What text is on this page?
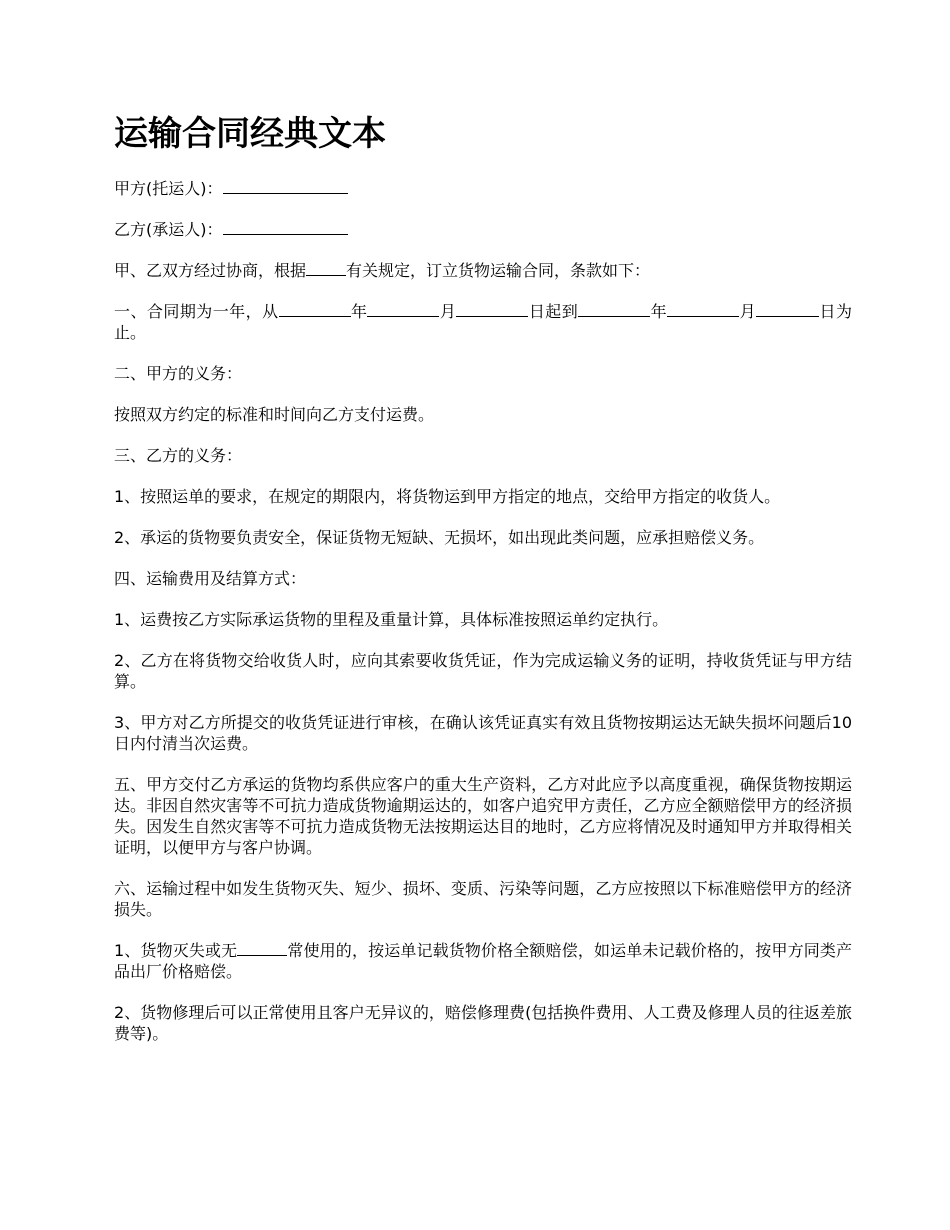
运输合同经典文本

甲方(托运人)：

乙方(承运人)：

甲、乙双方经过协商，根据	有关规定，订立货物运输合同，条款如下：

一、合同期为一年，从	年	月	日起到	年	月	日为止。

二、甲方的义务：

按照双方约定的标准和时间向乙方支付运费。

三、乙方的义务：

1、按照运单的要求，在规定的期限内，将货物运到甲方指定的地点，交给甲方指定的收货人。

2、承运的货物要负责安全，保证货物无短缺、无损坏，如出现此类问题，应承担赔偿义务。

四、运输费用及结算方式：

1、运费按乙方实际承运货物的里程及重量计算，具体标准按照运单约定执行。

2、乙方在将货物交给收货人时，应向其索要收货凭证，作为完成运输义务的证明，持收货凭证与甲方结算。

3、甲方对乙方所提交的收货凭证进行审核，在确认该凭证真实有效且货物按期运达无缺失损坏问题后10日内付清当次运费。

五、甲方交付乙方承运的货物均系供应客户的重大生产资料，乙方对此应予以高度重视，确保货物按期运达。非因自然灾害等不可抗力造成货物逾期运达的，如客户追究甲方责任，乙方应全额赔偿甲方的经济损失。因发生自然灾害等不可抗力造成货物无法按期运达目的地时，乙方应将情况及时通知甲方并取得相关证明，以便甲方与客户协调。

六、运输过程中如发生货物灭失、短少、损坏、变质、污染等问题，乙方应按照以下标准赔偿甲方的经济损失。

1、货物灭失或无	常使用的，按运单记载货物价格全额赔偿，如运单未记载价格的，按甲方同类产品出厂价格赔偿。

2、货物修理后可以正常使用且客户无异议的，赔偿修理费(包括换件费用、人工费及修理人员的往返差旅费等)。
